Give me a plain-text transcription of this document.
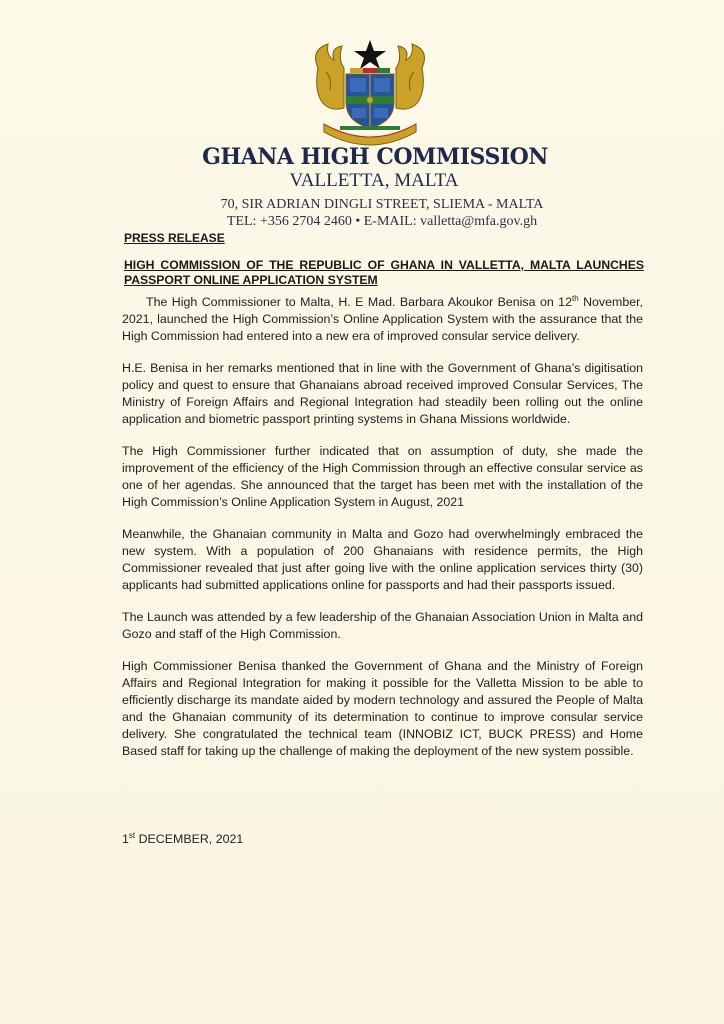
GHANA HIGH COMMISSION
VALLETTA, MALTA
70, SIR ADRIAN DINGLI STREET, SLIEMA - MALTA
TEL: +356 2704 2460 • E-MAIL: valletta@mfa.gov.gh
PRESS RELEASE
HIGH COMMISSION OF THE REPUBLIC OF GHANA IN VALLETTA, MALTA LAUNCHES PASSPORT ONLINE APPLICATION SYSTEM

The High Commissioner to Malta, H. E Mad. Barbara Akoukor Benisa on 12th November, 2021, launched the High Commission’s Online Application System with the assurance that the High Commission had entered into a new era of improved consular service delivery.

H.E. Benisa in her remarks mentioned that in line with the Government of Ghana’s digitisation policy and quest to ensure that Ghanaians abroad received improved Consular Services, The Ministry of Foreign Affairs and Regional Integration had steadily been rolling out the online application and biometric passport printing systems in Ghana Missions worldwide.

The High Commissioner further indicated that on assumption of duty, she made the improvement of the efficiency of the High Commission through an effective consular service as one of her agendas. She announced that the target has been met with the installation of the High Commission’s Online Application System in August, 2021

Meanwhile, the Ghanaian community in Malta and Gozo had overwhelmingly embraced the new system. With a population of 200 Ghanaians with residence permits, the High Commissioner revealed that just after going live with the online application services thirty (30) applicants had submitted applications online for passports and had their passports issued.

The Launch was attended by a few leadership of the Ghanaian Association Union in Malta and Gozo and staff of the High Commission.

High Commissioner Benisa thanked the Government of Ghana and the Ministry of Foreign Affairs and Regional Integration for making it possible for the Valletta Mission to be able to efficiently discharge its mandate aided by modern technology and assured the People of Malta and the Ghanaian community of its determination to continue to improve consular service delivery. She congratulated the technical team (INNOBIZ ICT, BUCK PRESS) and Home Based staff for taking up the challenge of making the deployment of the new system possible.

1st DECEMBER, 2021
